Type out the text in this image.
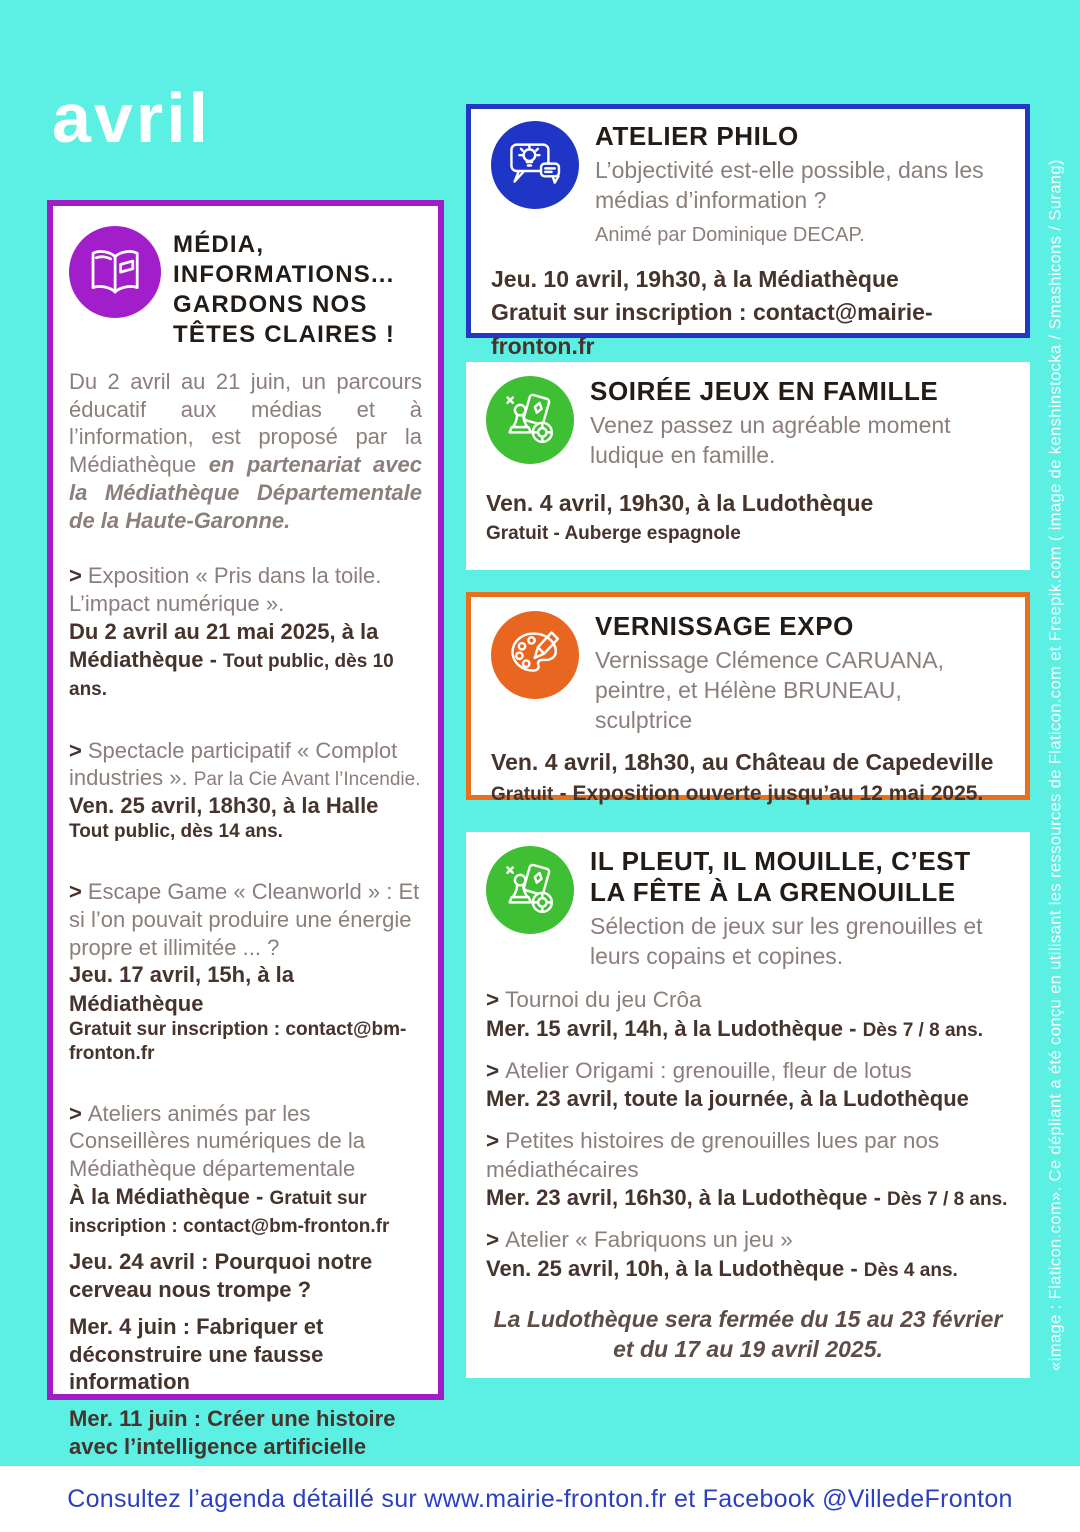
avril
MÉDIA,
INFORMATIONS...
GARDONS NOS
TÊTES CLAIRES !

Du 2 avril au 21 juin, un parcours éducatif aux médias et à l’information, est proposé par la Médiathèque en partenariat avec la Médiathèque Départementale de la Haute-Garonne.

> Exposition « Pris dans la toile. L’impact numérique ».
Du 2 avril au 21 mai 2025, à la Médiathèque - Tout public, dès 10 ans.
> Spectacle participatif « Complot industries ». Par la Cie Avant l’Incendie.
Ven. 25 avril, 18h30, à la Halle
Tout public, dès 14 ans.
> Escape Game « Cleanworld » : Et si l’on pouvait produire une énergie propre et illimitée ... ?
Jeu. 17 avril, 15h, à la Médiathèque
Gratuit sur inscription : contact@bm-fronton.fr
> Ateliers animés par les Conseillères numériques de la Médiathèque départementale
À la Médiathèque - Gratuit sur inscription : contact@bm-fronton.fr
Jeu. 24 avril : Pourquoi notre cerveau nous trompe ?
Mer. 4 juin : Fabriquer et déconstruire une fausse information
Mer. 11 juin : Créer une histoire avec l’intelligence artificielle
ATELIER PHILO
L’objectivité est-elle possible, dans les médias d’information ?
Animé par Dominique DECAP.
Jeu. 10 avril, 19h30, à la Médiathèque
Gratuit sur inscription : contact@mairie-fronton.fr
SOIRÉE JEUX EN FAMILLE
Venez passez un agréable moment ludique en famille.
Ven. 4 avril, 19h30, à la Ludothèque
Gratuit - Auberge espagnole
VERNISSAGE EXPO
Vernissage Clémence CARUANA, peintre, et Hélène BRUNEAU, sculptrice

Ven. 4 avril, 18h30, au Château de Capedeville Gratuit - Exposition ouverte jusqu’au 12 mai 2025.

IL PLEUT, IL MOUILLE, C’EST LA FÊTE À LA GRENOUILLE
Sélection de jeux sur les grenouilles et leurs copains et copines.
> Tournoi du jeu Crôa
Mer. 15 avril, 14h, à la Ludothèque - Dès 7 / 8 ans.
> Atelier Origami : grenouille, fleur de lotus
Mer. 23 avril, toute la journée, à la Ludothèque
> Petites histoires de grenouilles lues par nos médiathécaires
Mer. 23 avril, 16h30, à la Ludothèque - Dès 7 / 8 ans.
> Atelier « Fabriquons un jeu »
Ven. 25 avril, 10h, à la Ludothèque - Dès 4 ans.
La Ludothèque sera fermée du 15 au 23 février
et du 17 au 19 avril 2025.	«image : Flaticon.com». Ce dépliant a été conçu en utilisant les ressources de Flaticon.com et Freepik.com ( image de kenshinstocka / Smashicons / Surang)
Consultez l’agenda détaillé sur www.mairie-fronton.fr et Facebook @VilledeFronton
